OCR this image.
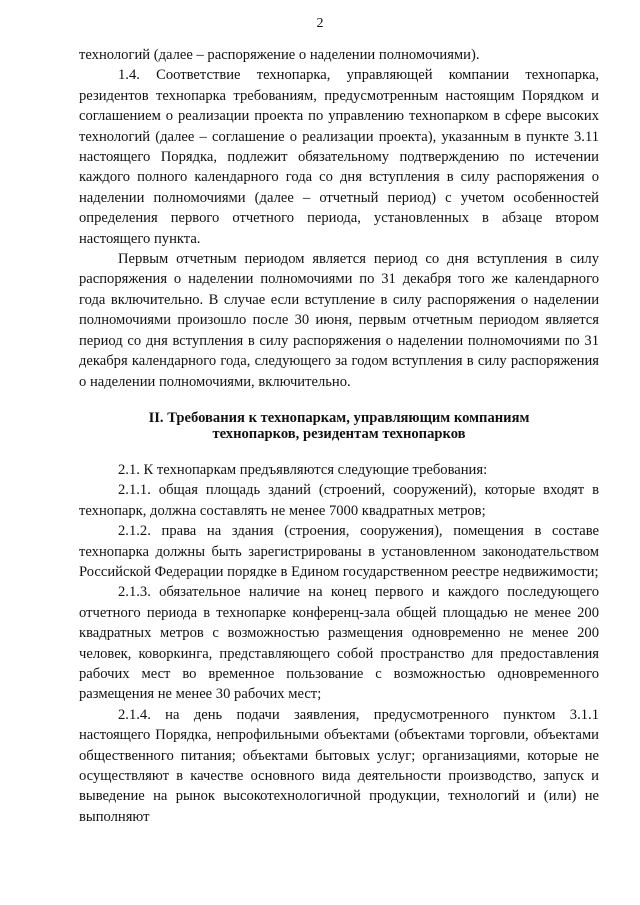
2

технологий (далее – распоряжение о наделении полномочиями).

1.4. Соответствие технопарка, управляющей компании технопарка, резидентов технопарка требованиям, предусмотренным настоящим Порядком и соглашением о реализации проекта по управлению технопарком в сфере высоких технологий (далее – соглашение о реализации проекта), указанным в пункте 3.11 настоящего Порядка, подлежит обязательному подтверждению по истечении каждого полного календарного года со дня вступления в силу распоряжения о наделении полномочиями (далее – отчетный период) с учетом особенностей определения первого отчетного периода, установленных в абзаце втором настоящего пункта.

Первым отчетным периодом является период со дня вступления в силу распоряжения о наделении полномочиями по 31 декабря того же календарного года включительно. В случае если вступление в силу распоряжения о наделении полномочиями произошло после 30 июня, первым отчетным периодом является период со дня вступления в силу распоряжения о наделении полномочиями по 31 декабря календарного года, следующего за годом вступления в силу распоряжения о наделении полномочиями, включительно.

II. Требования к технопаркам, управляющим компаниям
технопарков, резидентам технопарков

2.1. К технопаркам предъявляются следующие требования:

2.1.1. общая площадь зданий (строений, сооружений), которые входят в технопарк, должна составлять не менее 7000 квадратных метров;

2.1.2. права на здания (строения, сооружения), помещения в составе технопарка должны быть зарегистрированы в установленном законодательством Российской Федерации порядке в Едином государственном реестре недвижимости;

2.1.3. обязательное наличие на конец первого и каждого последующего отчетного периода в технопарке конференц-зала общей площадью не менее 200 квадратных метров с возможностью размещения одновременно не менее 200 человек, коворкинга, представляющего собой пространство для предоставления рабочих мест во временное пользование с возможностью одновременного размещения не менее 30 рабочих мест;

2.1.4. на день подачи заявления, предусмотренного пунктом 3.1.1 настоящего Порядка, непрофильными объектами (объектами торговли, объектами общественного питания; объектами бытовых услуг; организациями, которые не осуществляют в качестве основного вида деятельности производство, запуск и выведение на рынок высокотехнологичной продукции, технологий и (или) не выполняют
